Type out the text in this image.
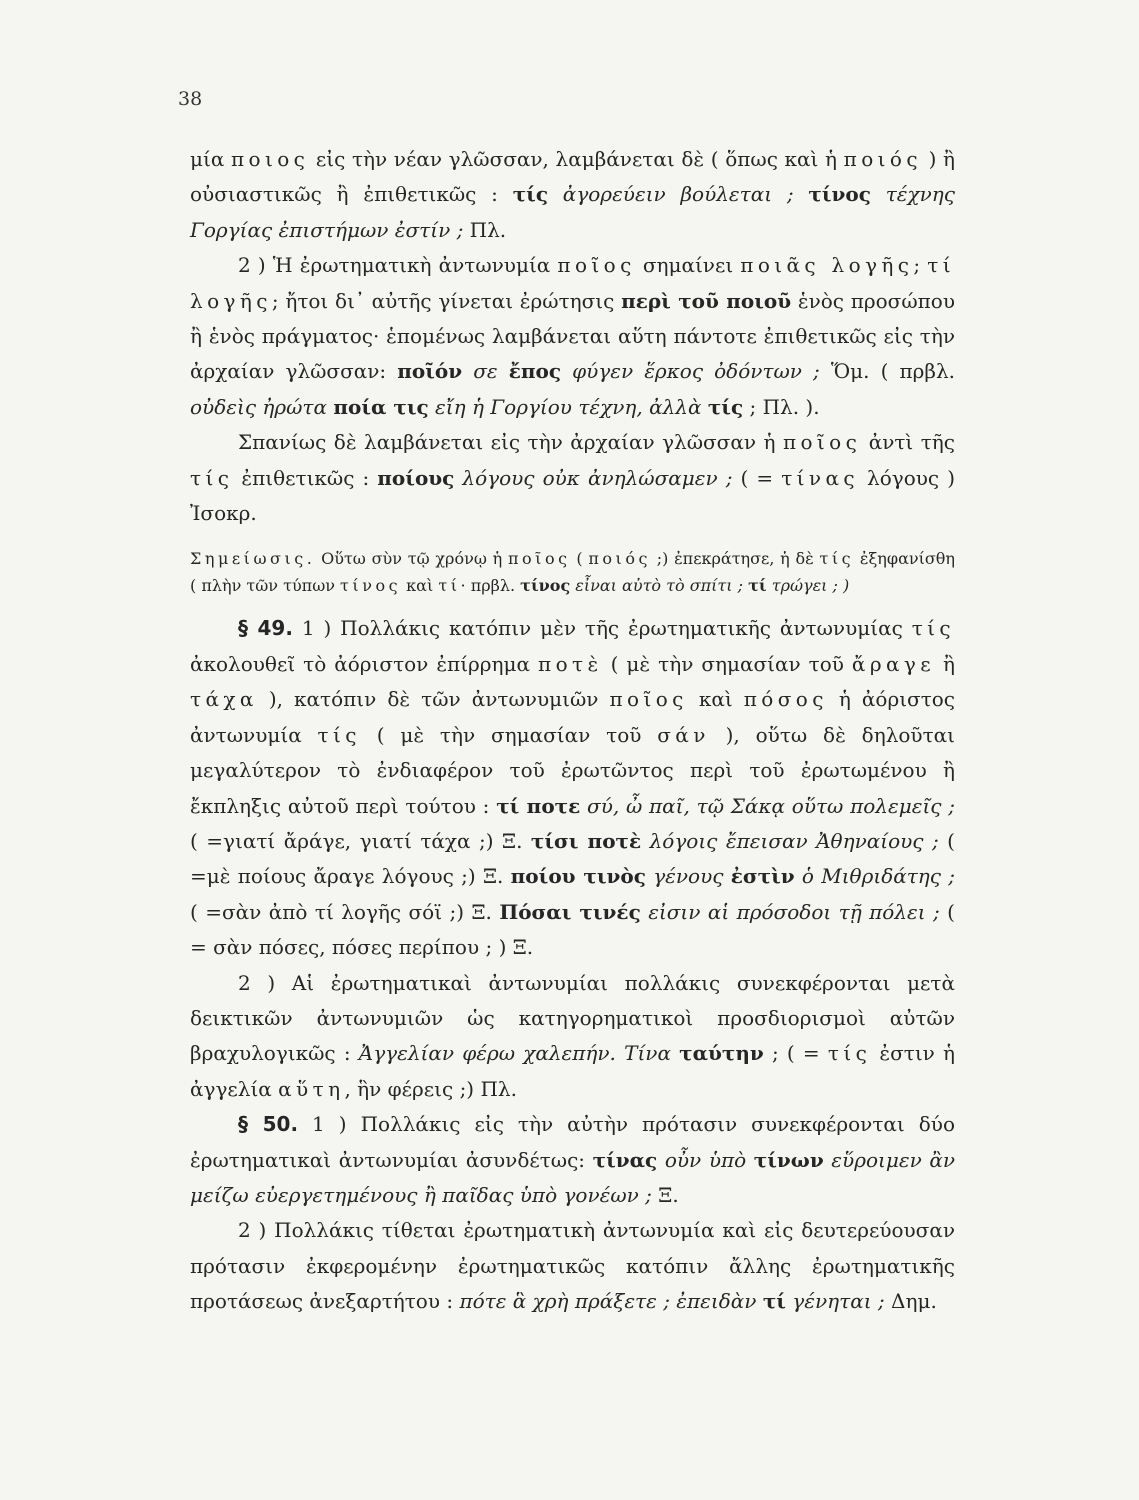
38

μία ποιος εἰς τὴν νέαν γλῶσσαν, λαμβάνεται δὲ ( ὅπως καὶ ἡ ποιός ) ἢ οὐσιαστικῶς ἢ ἐπιθετικῶς : τίς ἀγορεύειν βούλεται ; τίνος τέχνης Γοργίας ἐπιστήμων ἐστίν ; Πλ.

2 ) Ἡ ἐρωτηματικὴ ἀντωνυμία ποῖος σημαίνει ποιᾶς λογῆς; τί λογῆς; ἤτοι δι᾽ αὐτῆς γίνεται ἐρώτησις περὶ τοῦ ποιοῦ ἑνὸς προσώπου ἢ ἑνὸς πράγματος· ἑπομένως λαμβάνεται αὕτη πάντοτε ἐπιθετικῶς εἰς τὴν ἀρχαίαν γλῶσσαν: ποῖόν σε ἔπος φύγεν ἕρκος ὀδόντων ; Ὅμ. ( πρβλ. οὐδεὶς ἠρώτα ποία τις εἴη ἡ Γοργίου τέχνη, ἀλλὰ τίς ; Πλ. ).

Σπανίως δὲ λαμβάνεται εἰς τὴν ἀρχαίαν γλῶσσαν ἡ ποῖος ἀντὶ τῆς τίς ἐπιθετικῶς : ποίους λόγους οὐκ ἀνηλώσαμεν ; ( = τίνας λόγους ) Ἰσοκρ.

Σημείωσις. Οὕτω σὺν τῷ χρόνῳ ἡ ποῖος ( ποιός ;) ἐπεκράτησε, ἡ δὲ τίς ἐξηφανίσθη ( πλὴν τῶν τύπων τίνος καὶ τί· πρβλ. τίνος εἶναι αὐτὸ τὸ σπίτι ; τί τρώγει ; )

§ 49. 1 ) Πολλάκις κατόπιν μὲν τῆς ἐρωτηματικῆς ἀντωνυμίας τίς ἀκολουθεῖ τὸ ἀόριστον ἐπίρρημα ποτὲ ( μὲ τὴν σημασίαν τοῦ ἄραγε ἢ τάχα ), κατόπιν δὲ τῶν ἀντωνυμιῶν ποῖος καὶ πόσος ἡ ἀόριστος ἀντωνυμία τίς ( μὲ τὴν σημασίαν τοῦ σάν ), οὕτω δὲ δηλοῦται μεγαλύτερον τὸ ἐνδιαφέρον τοῦ ἐρωτῶντος περὶ τοῦ ἐρωτωμένου ἢ ἔκπληξις αὐτοῦ περὶ τούτου : τί ποτε σύ, ὦ παῖ, τῷ Σάκᾳ οὕτω πολεμεῖς ; ( =γιατί ἄράγε, γιατί τάχα ;) Ξ. τίσι ποτὲ λόγοις ἔπεισαν Ἀθηναίους ; ( =μὲ ποίους ἄραγε λόγους ;) Ξ. ποίου τινὸς γένους ἐστὶν ὁ Μιθριδάτης ; ( =σὰν ἀπὸ τί λογῆς σόϊ ;) Ξ. Πόσαι τινές εἰσιν αἱ πρόσοδοι τῇ πόλει ; ( = σὰν πόσες, πόσες περίπου ; ) Ξ.

2 ) Αἱ ἐρωτηματικαὶ ἀντωνυμίαι πολλάκις συνεκφέρονται μετὰ δεικτικῶν ἀντωνυμιῶν ὡς κατηγορηματικοὶ προσδιορισμοὶ αὐτῶν βραχυλογικῶς : Ἀγγελίαν φέρω χαλεπήν. Τίνα ταύτην ; ( = τίς ἐστιν ἡ ἀγγελία αὕτη, ἣν φέρεις ;) Πλ.

§ 50. 1 ) Πολλάκις εἰς τὴν αὐτὴν πρότασιν συνεκφέρονται δύο ἐρωτηματικαὶ ἀντωνυμίαι ἀσυνδέτως: τίνας οὖν ὑπὸ τίνων εὕροιμεν ἂν μείζω εὐεργετημένους ἢ παῖδας ὑπὸ γονέων ; Ξ.

2 ) Πολλάκις τίθεται ἐρωτηματικὴ ἀντωνυμία καὶ εἰς δευτερεύουσαν πρότασιν ἐκφερομένην ἐρωτηματικῶς κατόπιν ἄλλης ἐρωτηματικῆς προτάσεως ἀνεξαρτήτου : πότε ἃ χρὴ πράξετε ; ἐπειδὰν τί γένηται ; Δημ.
